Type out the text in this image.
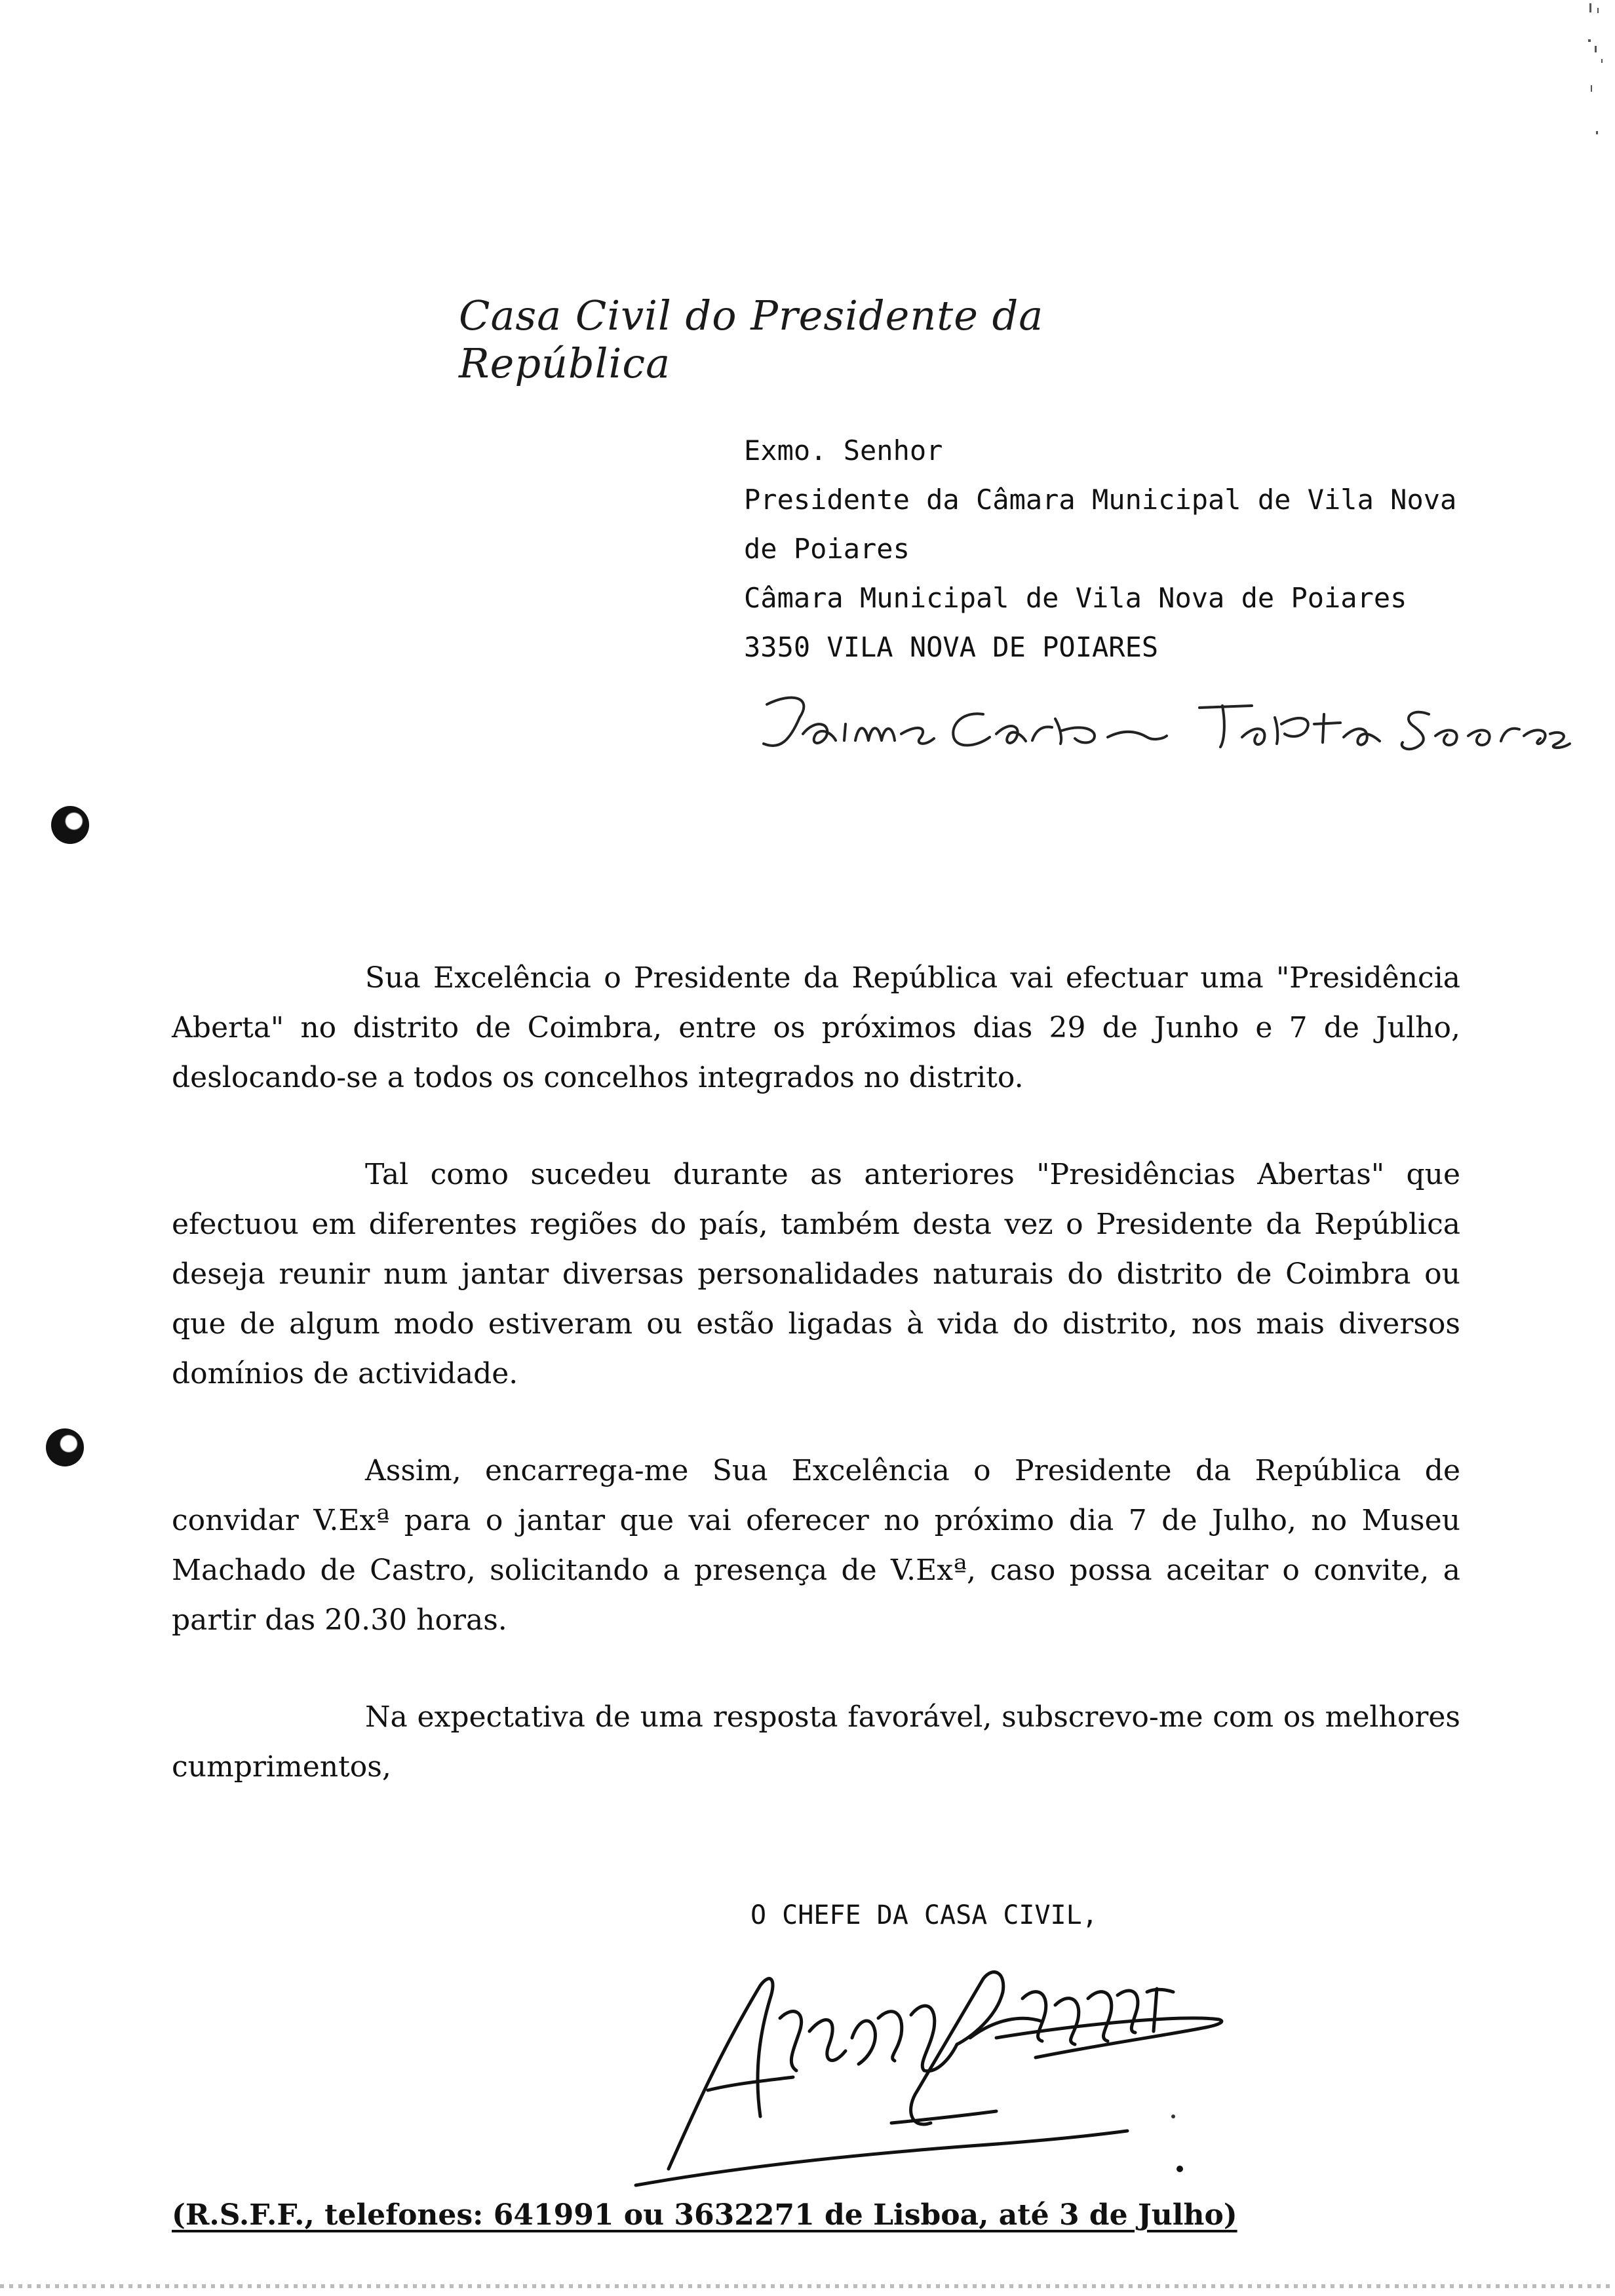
Casa Civil do Presidente da República
Exmo. Senhor
Presidente da Câmara Municipal de Vila Nova
de Poiares
Câmara Municipal de Vila Nova de Poiares
3350 VILA NOVA DE POIARES

Sua Excelência o Presidente da República vai efectuar uma "Presidência Aberta" no distrito de Coimbra, entre os próximos dias 29 de Junho e 7 de Julho, deslocando-se a todos os concelhos integrados no distrito.

Tal como sucedeu durante as anteriores "Presidências Abertas" que efectuou em diferentes regiões do país, também desta vez o Presidente da República deseja reunir num jantar diversas personalidades naturais do distrito de Coimbra ou que de algum modo estiveram ou estão ligadas à vida do distrito, nos mais diversos domínios de actividade.

Assim, encarrega-me Sua Excelência o Presidente da República de convidar V.Exª para o jantar que vai oferecer no próximo dia 7 de Julho, no Museu Machado de Castro, solicitando a presença de V.Exª, caso possa aceitar o convite, a partir das 20.30 horas.

Na expectativa de uma resposta favorável, subscrevo-me com os melhores cumprimentos,

O CHEFE DA CASA CIVIL,
(R.S.F.F., telefones: 641991 ou 3632271 de Lisboa, até 3 de Julho)
